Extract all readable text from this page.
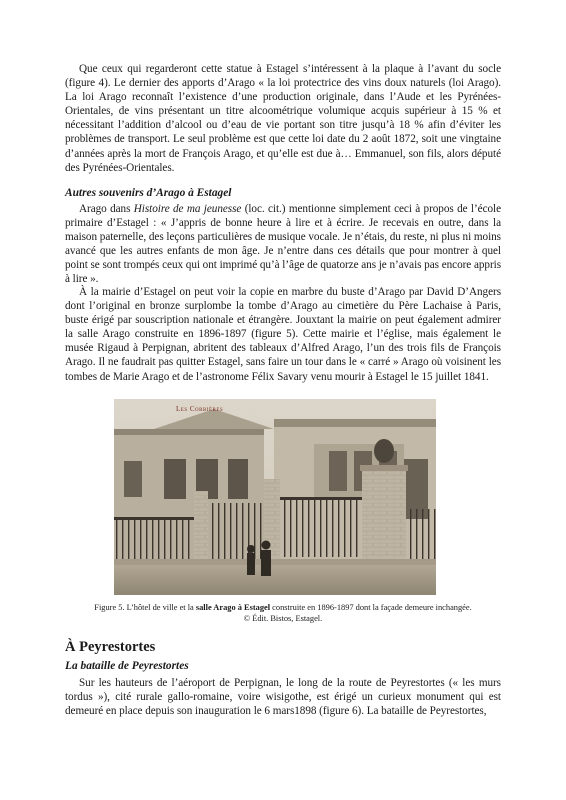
Que ceux qui regarderont cette statue à Estagel s’intéressent à la plaque à l’avant du socle (figure 4). Le dernier des apports d’Arago « la loi protectrice des vins doux naturels (loi Arago). La loi Arago reconnaît l’existence d’une production originale, dans l’Aude et les Pyrénées-Orientales, de vins présentant un titre alcoométrique volumique acquis supérieur à 15 % et nécessitant l’addition d’alcool ou d’eau de vie portant son titre jusqu’à 18 % afin d’éviter les problèmes de transport. Le seul problème est que cette loi date du 2 août 1872, soit une vingtaine d’années après la mort de François Arago, et qu’elle est due à… Emmanuel, son fils, alors député des Pyrénées-Orientales.

Autres souvenirs d’Arago à Estagel

Arago dans Histoire de ma jeunesse (loc. cit.) mentionne simplement ceci à propos de l’école primaire d’Estagel : « J’appris de bonne heure à lire et à écrire. Je recevais en outre, dans la maison paternelle, des leçons particulières de musique vocale. Je n’étais, du reste, ni plus ni moins avancé que les autres enfants de mon âge. Je n’entre dans ces détails que pour montrer à quel point se sont trompés ceux qui ont imprimé qu’à l’âge de quatorze ans je n’avais pas encore appris à lire ».

À la mairie d’Estagel on peut voir la copie en marbre du buste d’Arago par David D’Angers dont l’original en bronze surplombe la tombe d’Arago au cimetière du Père Lachaise à Paris, buste érigé par souscription nationale et étrangère. Jouxtant la mairie on peut également admirer la salle Arago construite en 1896-1897 (figure 5). Cette mairie et l’église, mais également le musée Rigaud à Perpignan, abritent des tableaux d’Alfred Arago, l’un des trois fils de François Arago. Il ne faudrait pas quitter Estagel, sans faire un tour dans le « carré » Arago où voisinent les tombes de Marie Arago et de l’astronome Félix Savary venu mourir à Estagel le 15 juillet 1841.

Les Corbières
Figure 5. L’hôtel de ville et la salle Arago à Estagel construite en 1896-1897 dont la façade demeure inchangée.
© Édit. Bistos, Estagel.
À Peyrestortes
La bataille de Peyrestortes

Sur les hauteurs de l’aéroport de Perpignan, le long de la route de Peyrestortes (« les murs tordus »), cité rurale gallo-romaine, voire wisigothe, est érigé un curieux monument qui est demeuré en place depuis son inauguration le 6 mars1898 (figure 6). La bataille de Peyrestortes,
